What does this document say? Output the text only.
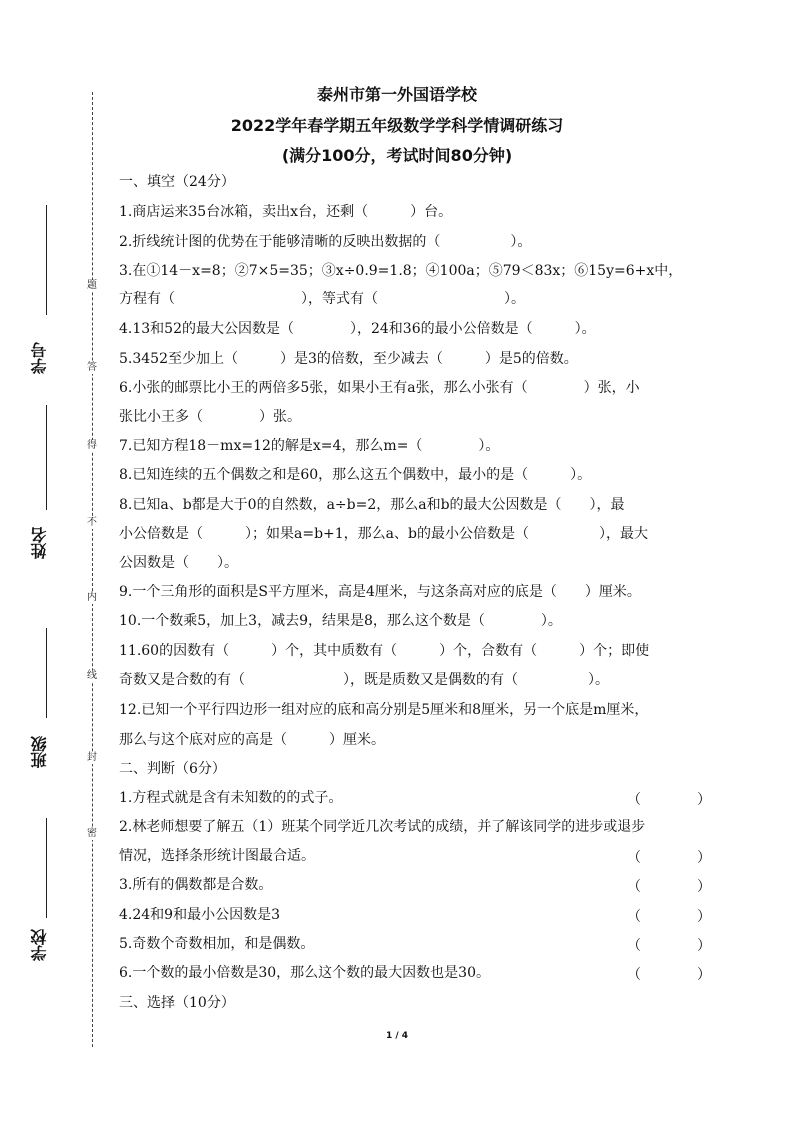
题
答
得
不
内
线
封
密
学号
姓名
班级
学校
泰州市第一外国语学校
2022学年春学期五年级数学学科学情调研练习
(满分100分，考试时间80分钟)
一、填空（24分）
1.商店运来35台冰箱，卖出x台，还剩（　　　）台。
2.折线统计图的优势在于能够清晰的反映出数据的（　　　　　）。
3.在①14－x=8；②7×5=35；③x÷0.9=1.8；④100a；⑤79＜83x；⑥15y=6+x中，
方程有（　　　　　　　　　），等式有（　　　　　　　　　）。
4.13和52的最大公因数是（　　　　），24和36的最小公倍数是（　　　）。
5.3452至少加上（　　　）是3的倍数，至少减去（　　　）是5的倍数。
6.小张的邮票比小王的两倍多5张，如果小王有a张，那么小张有（　　　　）张，小
张比小王多（　　　　）张。
7.已知方程18－mx=12的解是x=4，那么m=（　　　　）。
8.已知连续的五个偶数之和是60，那么这五个偶数中，最小的是（　　　）。
8.已知a、b都是大于0的自然数，a÷b=2，那么a和b的最大公因数是（　　），最
小公倍数是（　　　）；如果a=b+1，那么a、b的最小公倍数是（　　　　　），最大
公因数是（　　）。
9.一个三角形的面积是S平方厘米，高是4厘米，与这条高对应的底是（　　）厘米。
10.一个数乘5，加上3，减去9，结果是8，那么这个数是（　　　　）。
11.60的因数有（　　　）个，其中质数有（　　　）个，合数有（　　　）个；即使
奇数又是合数的有（　　　　　　　），既是质数又是偶数的有（　　　　　）。
12.已知一个平行四边形一组对应的底和高分别是5厘米和8厘米，另一个底是m厘米，
那么与这个底对应的高是（　　　）厘米。
二、判断（6分）
1.方程式就是含有未知数的的式子。	（　　　　）
2.林老师想要了解五（1）班某个同学近几次考试的成绩，并了解该同学的进步或退步
情况，选择条形统计图最合适。	（　　　　）
3.所有的偶数都是合数。	（　　　　）
4.24和9和最小公因数是3	（　　　　）
5.奇数个奇数相加，和是偶数。	（　　　　）
6.一个数的最小倍数是30，那么这个数的最大因数也是30。	（　　　　）
三、选择（10分）
1 / 4
